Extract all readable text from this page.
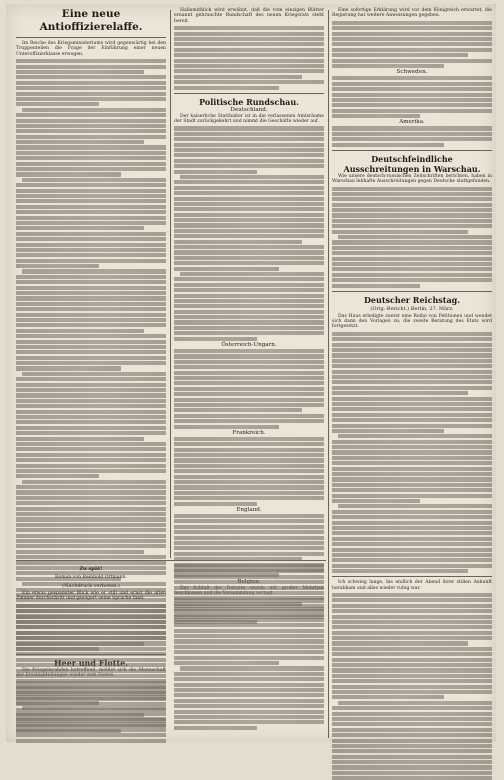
Eine neue Antioffizierelaffe.

Im Reiche des Kriegsministeriums wird gegenwärtig bei den Truppenteilen die Frage der Einführung einer neuen Unteroffizierklasse erwogen.

Hallemitblick wird erwähnt, daß die vom einzigen Blätter ernannt gebrauchte Rundschaft des neuen Kriegsrats steht bereit.

Politische Rundschau.
Deutschland.

Der kaiserliche Statthalter ist in die verlassenen Amtsräume der Stadt zurückgekehrt und nimmt die Geschäfte wieder auf.

Österreich-Ungarn.
Frankreich.
England.

Zu spät!
Roman von Reinhold Ortmann.
(Nachdruck verboten.)

Ein etwas gespannter Blick wie er still und ernst die alten Zimmer durchschritt und gezögert seine Sprache fand.

Eine sofortige Erklärung wird vor dem Königreich erwartet, die Regierung hat weitere Anweisungen gegeben.

Schweden.
Amerika.
Deutschfeindliche Ausschreitungen in Warschau.

Wie unsere deutsch-russischen Zeitschriften berichten, haben in Warschau lebhafte Ausschreitungen gegen Deutsche stattgefunden.

Deutscher Reichstag.
(Orig.-Bericht.) Berlin, 27. März.

Das Haus erledigte zuerst eine Reihe von Petitionen und wendet sich dann den Vorlagen zu; die zweite Beratung des Etats wird fortgesetzt.

Ich schwieg lange, bis endlich der Abend ihrer stillen Ankunft herabkam und alles wieder ruhig war.
